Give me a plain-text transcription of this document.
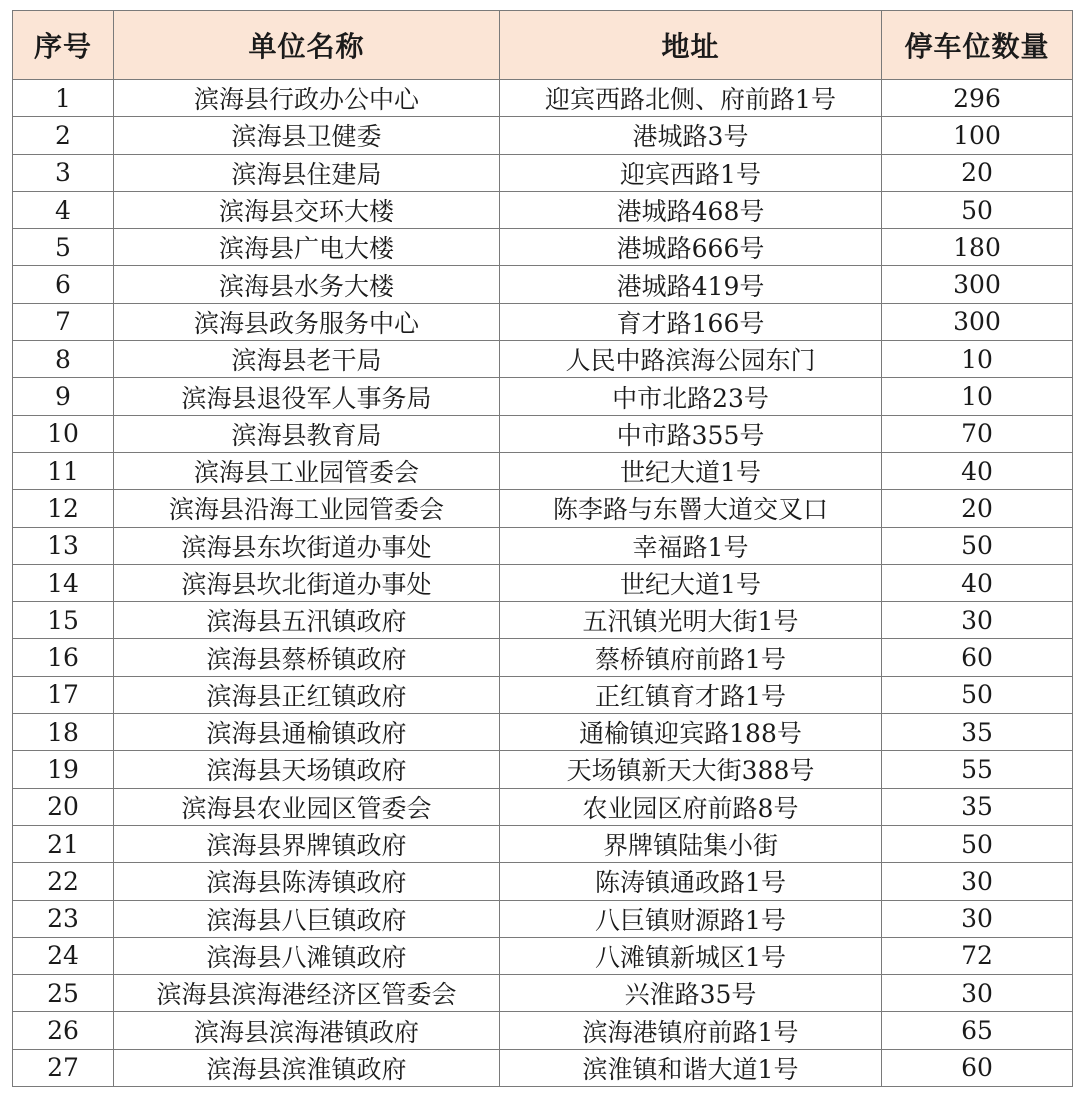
序号	单位名称	地址	停车位数量
1	滨海县行政办公中心	迎宾西路北侧、府前路1号	296
2	滨海县卫健委	港城路3号	100
3	滨海县住建局	迎宾西路1号	20
4	滨海县交环大楼	港城路468号	50
5	滨海县广电大楼	港城路666号	180
6	滨海县水务大楼	港城路419号	300
7	滨海县政务服务中心	育才路166号	300
8	滨海县老干局	人民中路滨海公园东门	10
9	滨海县退役军人事务局	中市北路23号	10
10	滨海县教育局	中市路355号	70
11	滨海县工业园管委会	世纪大道1号	40
12	滨海县沿海工业园管委会	陈李路与东罾大道交叉口	20
13	滨海县东坎街道办事处	幸福路1号	50
14	滨海县坎北街道办事处	世纪大道1号	40
15	滨海县五汛镇政府	五汛镇光明大街1号	30
16	滨海县蔡桥镇政府	蔡桥镇府前路1号	60
17	滨海县正红镇政府	正红镇育才路1号	50
18	滨海县通榆镇政府	通榆镇迎宾路188号	35
19	滨海县天场镇政府	天场镇新天大街388号	55
20	滨海县农业园区管委会	农业园区府前路8号	35
21	滨海县界牌镇政府	界牌镇陆集小街	50
22	滨海县陈涛镇政府	陈涛镇通政路1号	30
23	滨海县八巨镇政府	八巨镇财源路1号	30
24	滨海县八滩镇政府	八滩镇新城区1号	72
25	滨海县滨海港经济区管委会	兴淮路35号	30
26	滨海县滨海港镇政府	滨海港镇府前路1号	65
27	滨海县滨淮镇政府	滨淮镇和谐大道1号	60
